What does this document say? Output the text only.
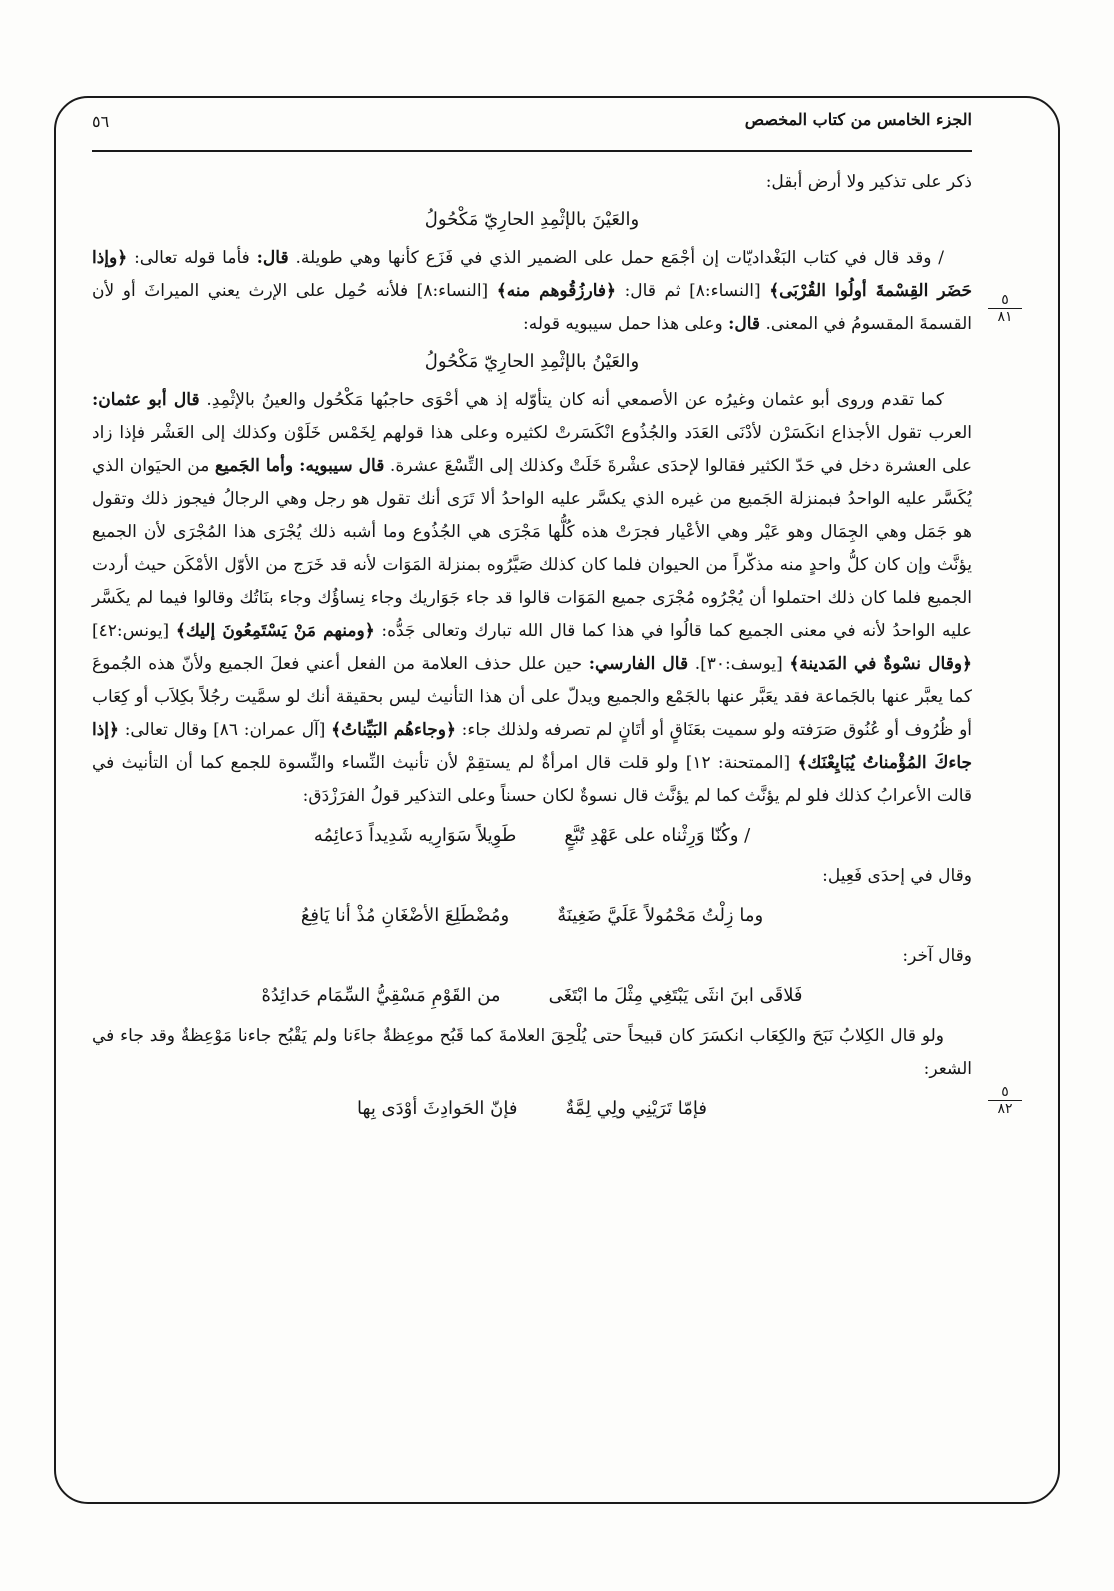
الجزء الخامس من كتاب المخصص
٥٦
٥
٨١
٥
٨٢

ذكر على تذكير ولا أرض أبقل:

والعَيْنَ بالإثْمِدِ الحارِيّ مَكْحُولُ

/ وقد قال في كتاب البَغْداديّات إن أجْمَع حمل على الضمير الذي في فَزَع كأنها وهي طويلة. قال: فأما قوله تعالى: ﴿وإذا حَضَر القِسْمةَ أولُوا القُرْبَى﴾ [النساء:٨] ثم قال: ﴿فارزُقُوهم منه﴾ [النساء:٨] فلأنه حُمِل على الإرث يعني الميراثَ أو لأن القسمةَ المقسومُ في المعنى. قال: وعلى هذا حمل سيبويه قوله:

والعَيْنُ بالإثْمِدِ الحارِيّ مَكْحُولُ

كما تقدم وروى أبو عثمان وغيرُه عن الأصمعي أنه كان يتأوّله إذ هي أحْوَى حاجبُها مَكْحُول والعينُ بالإثْمِدِ. قال أبو عثمان: العرب تقول الأجذاع انكَسَرْن لأدْنَى العَدَد والجُذُوع انْكَسَرتْ لكثيره وعلى هذا قولهم لِخَمْس خَلَوْن وكذلك إلى العَشْر فإذا زاد على العشرة دخل في حَدّ الكثير فقالوا لإحدَى عشْرةَ خَلَتْ وكذلك إلى التِّسْعَ عشرة. قال سيبويه: وأما الجَميع من الحيَوان الذي يُكَسَّر عليه الواحدُ فبمنزلة الجَميع من غيره الذي يكسَّر عليه الواحدُ ألا تَرَى أنك تقول هو رجل وهي الرجالُ فيجوز ذلك وتقول هو جَمَل وهي الجِمَال وهو عَيْر وهي الأعْيار فجرَتْ هذه كُلُّها مَجْرَى هي الجُذُوع وما أشبه ذلك يُجْرَى هذا المُجْرَى لأن الجميع يؤنَّث وإن كان كلُّ واحدٍ منه مذكّراً من الحيوان فلما كان كذلك صَيَّرُوه بمنزلة المَوَات لأنه قد خَرَج من الأوّل الأمْكَن حيث أردت الجميع فلما كان ذلك احتملوا أن يُجْرُوه مُجْرَى جميع المَوَات قالوا قد جاء جَوَاريك وجاء نِساؤُك وجاء بنَاتُك وقالوا فيما لم يكَسَّر عليه الواحدُ لأنه في معنى الجميع كما قالُوا في هذا كما قال الله تبارك وتعالى جَدُّه: ﴿ومنهم مَنْ يَسْتَمِعُونَ إليك﴾ [يونس:٤٢] ﴿وقال نسْوةٌ في المَدينة﴾ [يوسف:٣٠]. قال الفارسي: حين علل حذف العلامة من الفعل أعني فعلَ الجميع ولأنّ هذه الجُموعَ كما يعبَّر عنها بالجَماعة فقد يعَبَّر عنها بالجَمْع والجميع ويدلّ على أن هذا التأنيث ليس بحقيقة أنك لو سمَّيت رجُلاً بكِلاَب أو كِعَاب أو ظُرُوف أو عُنُوق صَرَفته ولو سميت بعَنَاقٍ أو أتَانٍ لم تصرفه ولذلك جاء: ﴿وجاءهُم البَيِّناتُ﴾ [آل عمران: ٨٦] وقال تعالى: ﴿إذا جاءكَ المُؤْمناتُ يُبَايِعْنَك﴾ [الممتحنة: ١٢] ولو قلت قال امرأةٌ لم يستقِمْ لأن تأنيث النِّساء والنِّسوة للجمع كما أن التأنيث في قالت الأعرابُ كذلك فلو لم يؤنَّث كما لم يؤنَّث قال نسوةٌ لكان حسناً وعلى التذكير قولُ الفرَزْدَق:

/ وكُنّا وَرِثْناه على عَهْدِ تُبَّعٍ
طَوِيلاً سَوَارِيه شَدِيداً دَعائِمُه

وقال في إحدَى فَعِيل:

وما زِلْتُ مَحْمُولاً عَلَيَّ ضَغِينَةٌ
ومُضْطَلِعَ الأضْغَانِ مُذْ أنا يَافِعُ

وقال آخر:

فَلاقَى ابنَ انثَى يَبْتَغِي مِثْلَ ما ابْتَغَى
من القَوْمِ مَسْقِيُّ السِّمَام حَدائِدُهْ

ولو قال الكِلابُ نَبَحَ والكِعَاب انكسَرَ كان قبيحاً حتى يُلْحِقَ العلامةَ كما قَبُح موعِظةٌ جاءَنا ولم يَقْبُح جاءنا مَوْعِظةٌ وقد جاء في الشعر:

فإمّا تَرَيْنِي ولِي لِمَّةٌ
فإنّ الحَوادِثَ أوْدَى بِها
